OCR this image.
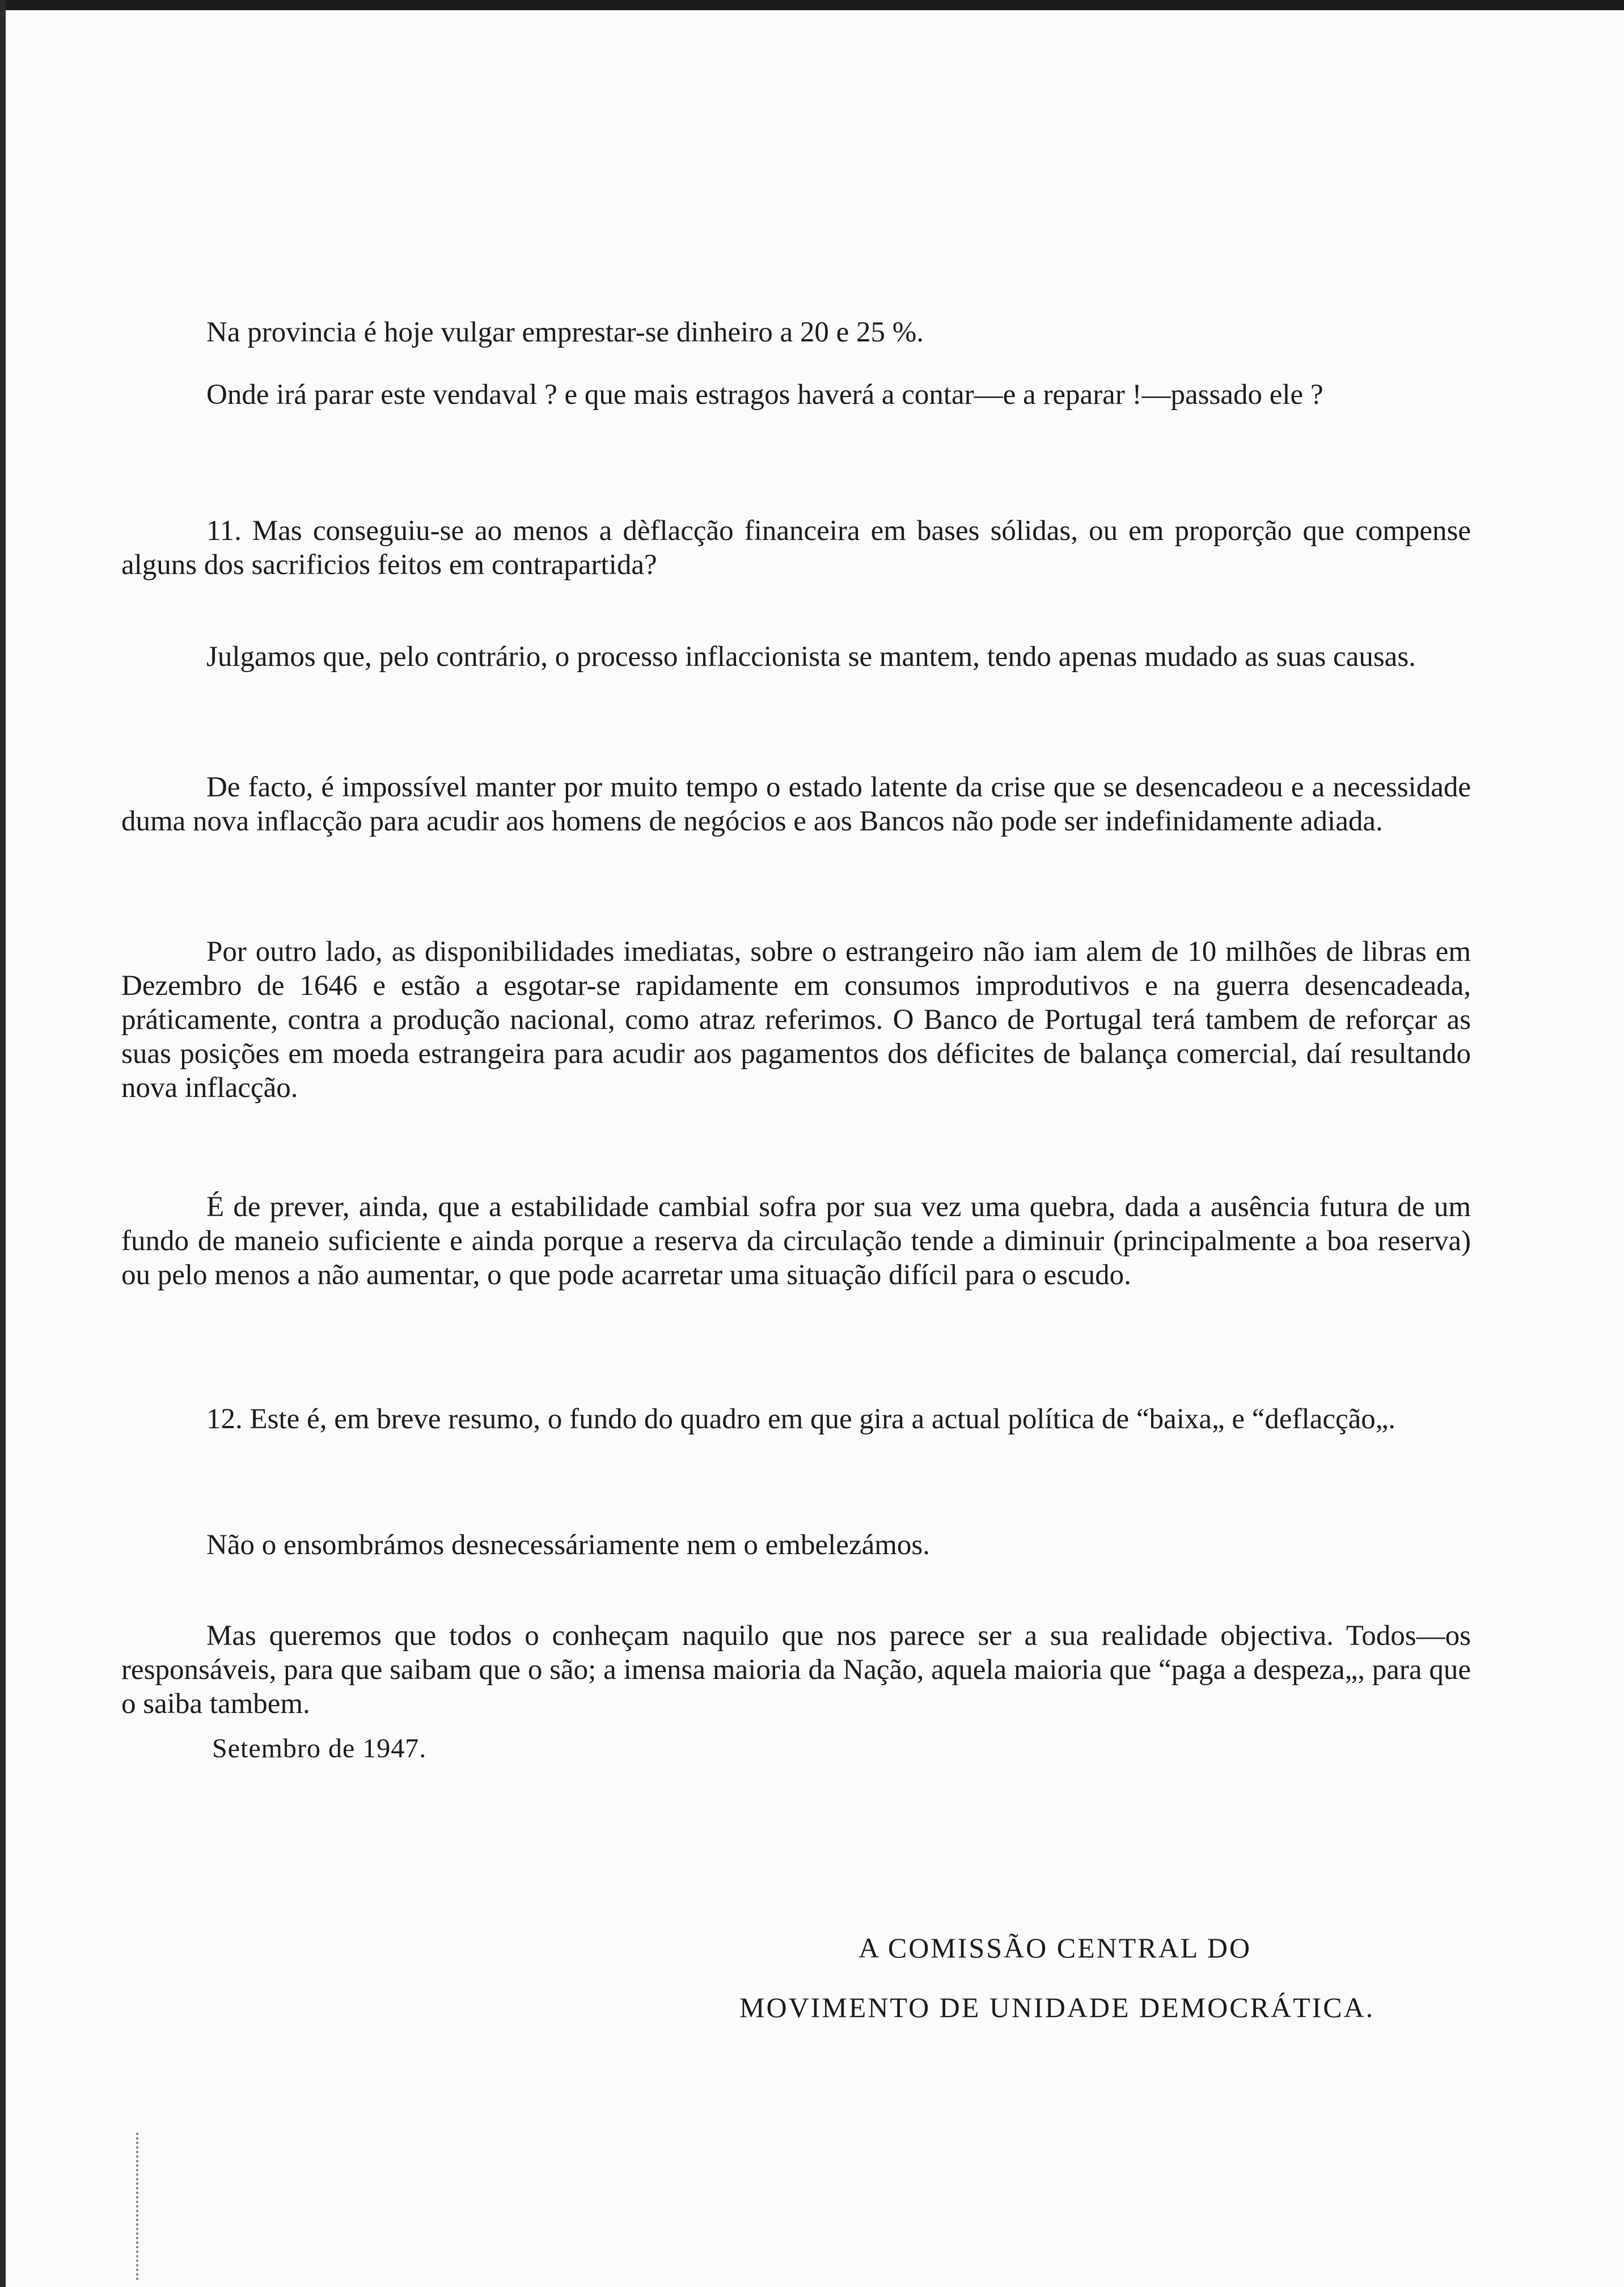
Na provincia é hoje vulgar emprestar-se dinheiro a 20 e 25 %.

Onde irá parar este vendaval ? e que mais estragos haverá a contar—e a reparar !—passado ele ?

11. Mas conseguiu-se ao menos a dèflacção financeira em bases sólidas, ou em proporção que compense alguns dos sacrificios feitos em contrapartida?

Julgamos que, pelo contrário, o processo inflaccionista se mantem, tendo apenas mudado as suas causas.

De facto, é impossível manter por muito tempo o estado latente da crise que se desencadeou e a necessidade duma nova inflacção para acudir aos homens de negócios e aos Bancos não pode ser indefinidamente adiada.

Por outro lado, as disponibilidades imediatas, sobre o estrangeiro não iam alem de 10 milhões de libras em Dezembro de 1646 e estão a esgotar-se rapidamente em consumos improdutivos e na guerra desencadeada, práticamente, contra a produção nacional, como atraz referimos. O Banco de Portugal terá tambem de reforçar as suas posições em moeda estrangeira para acudir aos pagamentos dos déficites de balança comercial, daí resultando nova inflacção.

É de prever, ainda, que a estabilidade cambial sofra por sua vez uma quebra, dada a ausência futura de um fundo de maneio suficiente e ainda porque a reserva da circulação tende a diminuir (principalmente a boa reserva) ou pelo menos a não aumentar, o que pode acarretar uma situação difícil para o escudo.

12. Este é, em breve resumo, o fundo do quadro em que gira a actual política de “baixa„ e “deflacção„.

Não o ensombrámos desnecessáriamente nem o embelezámos.

Mas queremos que todos o conheçam naquilo que nos parece ser a sua realidade objectiva. Todos—os responsáveis, para que saibam que o são; a imensa maioria da Nação, aquela maioria que “paga a despeza„, para que o saiba tambem.

Setembro de 1947.
A COMISSÃO CENTRAL DO
MOVIMENTO DE UNIDADE DEMOCRÁTICA.
